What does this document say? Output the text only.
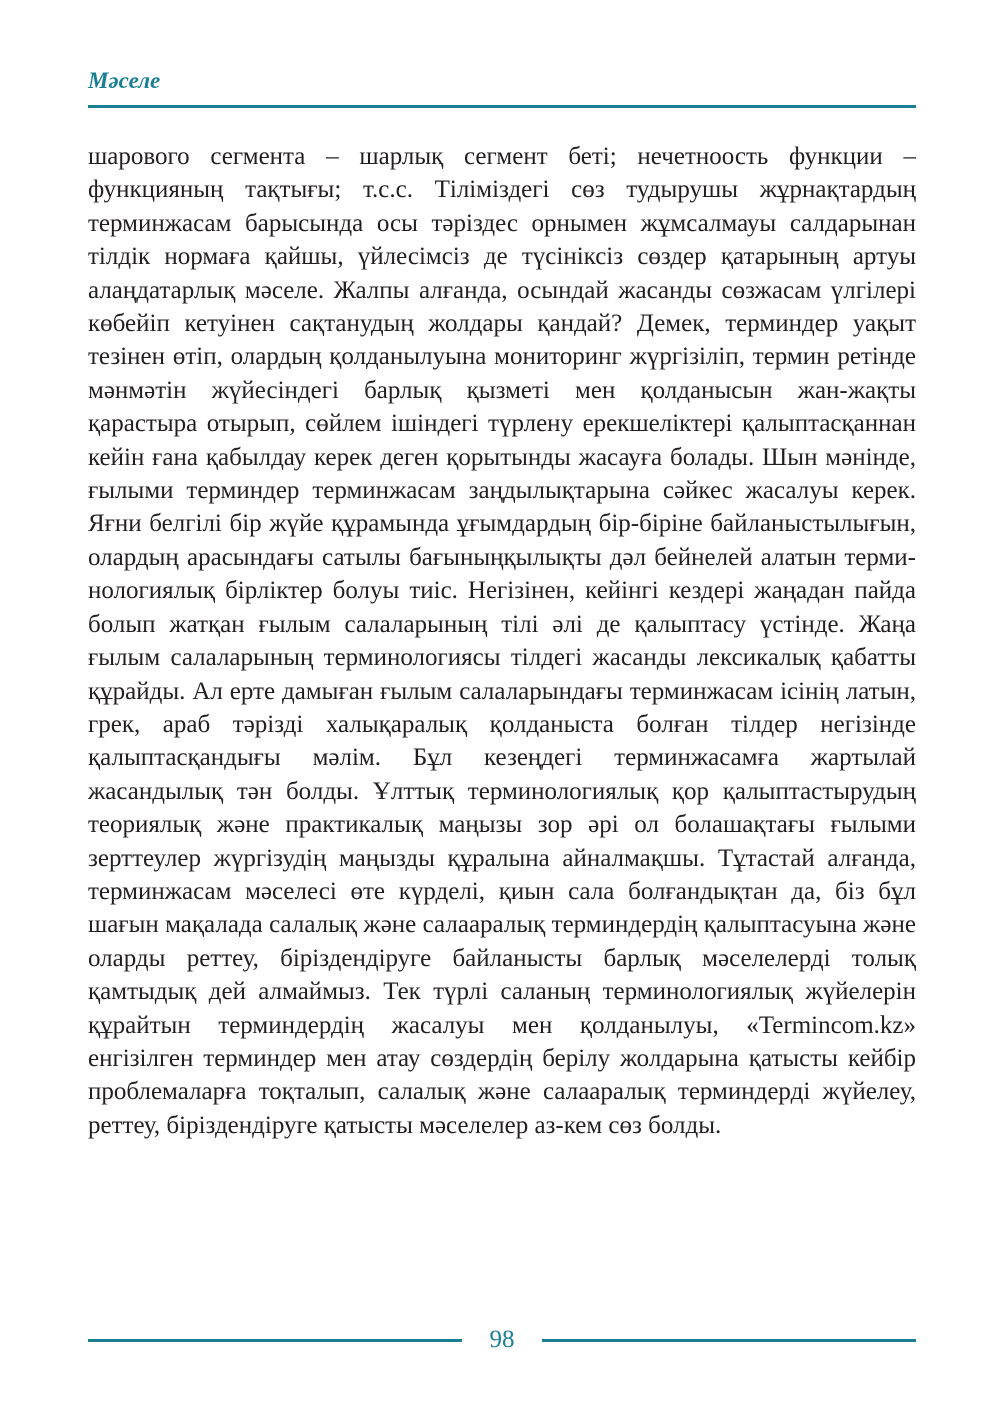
Мәселе

шарового сегмента – шарлық сегмент беті; нечетноость функции – функцияның тақтығы; т.с.с. Тіліміздегі сөз тудырушы жұрнақтардың терминжасам барысында осы тәріздес орнымен жұмсалмауы салдарынан тілдік нормаға қайшы, үйлесімсіз де түсініксіз сөздер қатарының артуы алаңдатарлық мәселе. Жалпы алғанда, осындай жасанды сөзжасам үлгілері көбейіп кетуінен сақтанудың жолдары қандай? Демек, терминдер уақыт тезінен өтіп, олардың қолданылуына мониторинг жүргізіліп, термин ретінде мәнмәтін жүйесіндегі барлық қызметі мен қолданысын жан-жақты қарастыра отырып, сөйлем ішіндегі түрлену ерекшеліктері қалыптасқаннан кейін ғана қабылдау керек деген қорытынды жасауға болады. Шын мәнінде, ғылыми терминдер терминжасам заңдылықтарына сәйкес жасалуы керек. Яғни белгілі бір жүйе құрамында ұғымдардың бір-біріне байланыстылығын, олардың арасындағы сатылы бағыныңқылықты дәл бейнелей алатын терминологиялық бірліктер болуы тиіс. Негізінен, кейінгі кездері жаңадан пайда болып жатқан ғылым салаларының тілі әлі де қалыптасу үстінде. Жаңа ғылым салаларының терминологиясы тілдегі жасанды лексикалық қабатты құрайды. Ал ерте дамыған ғылым салаларындағы терминжасам ісінің латын, грек, араб тәрізді халықаралық қолданыста болған тілдер негізінде қалыптасқандығы мәлім. Бұл кезеңдегі терминжасамға жартылай жасандылық тән болды. Ұлттық терминологиялық қор қалыптастырудың теориялық және практикалық маңызы зор әрі ол болашақтағы ғылыми зерттеулер жүргізудің маңызды құралына айналмақшы. Тұтастай алғанда, терминжасам мәселесі өте күрделі, қиын сала болғандықтан да, біз бұл шағын мақалада салалық және салааралық терминдердің қалыптасуына және оларды реттеу, біріздендіруге байланысты барлық мәселелерді толық қамтыдық дей алмаймыз. Тек түрлі саланың терминологиялық жүйелерін құрайтын терминдердің жасалуы мен қолданылуы, «Termincom.kz» енгізілген терминдер мен атау сөздердің берілу жолдарына қатысты кейбір проблемаларға тоқталып, салалық және салааралық терминдерді жүйелеу, реттеу, біріздендіруге қатысты мәселелер аз-кем сөз болды.

98
